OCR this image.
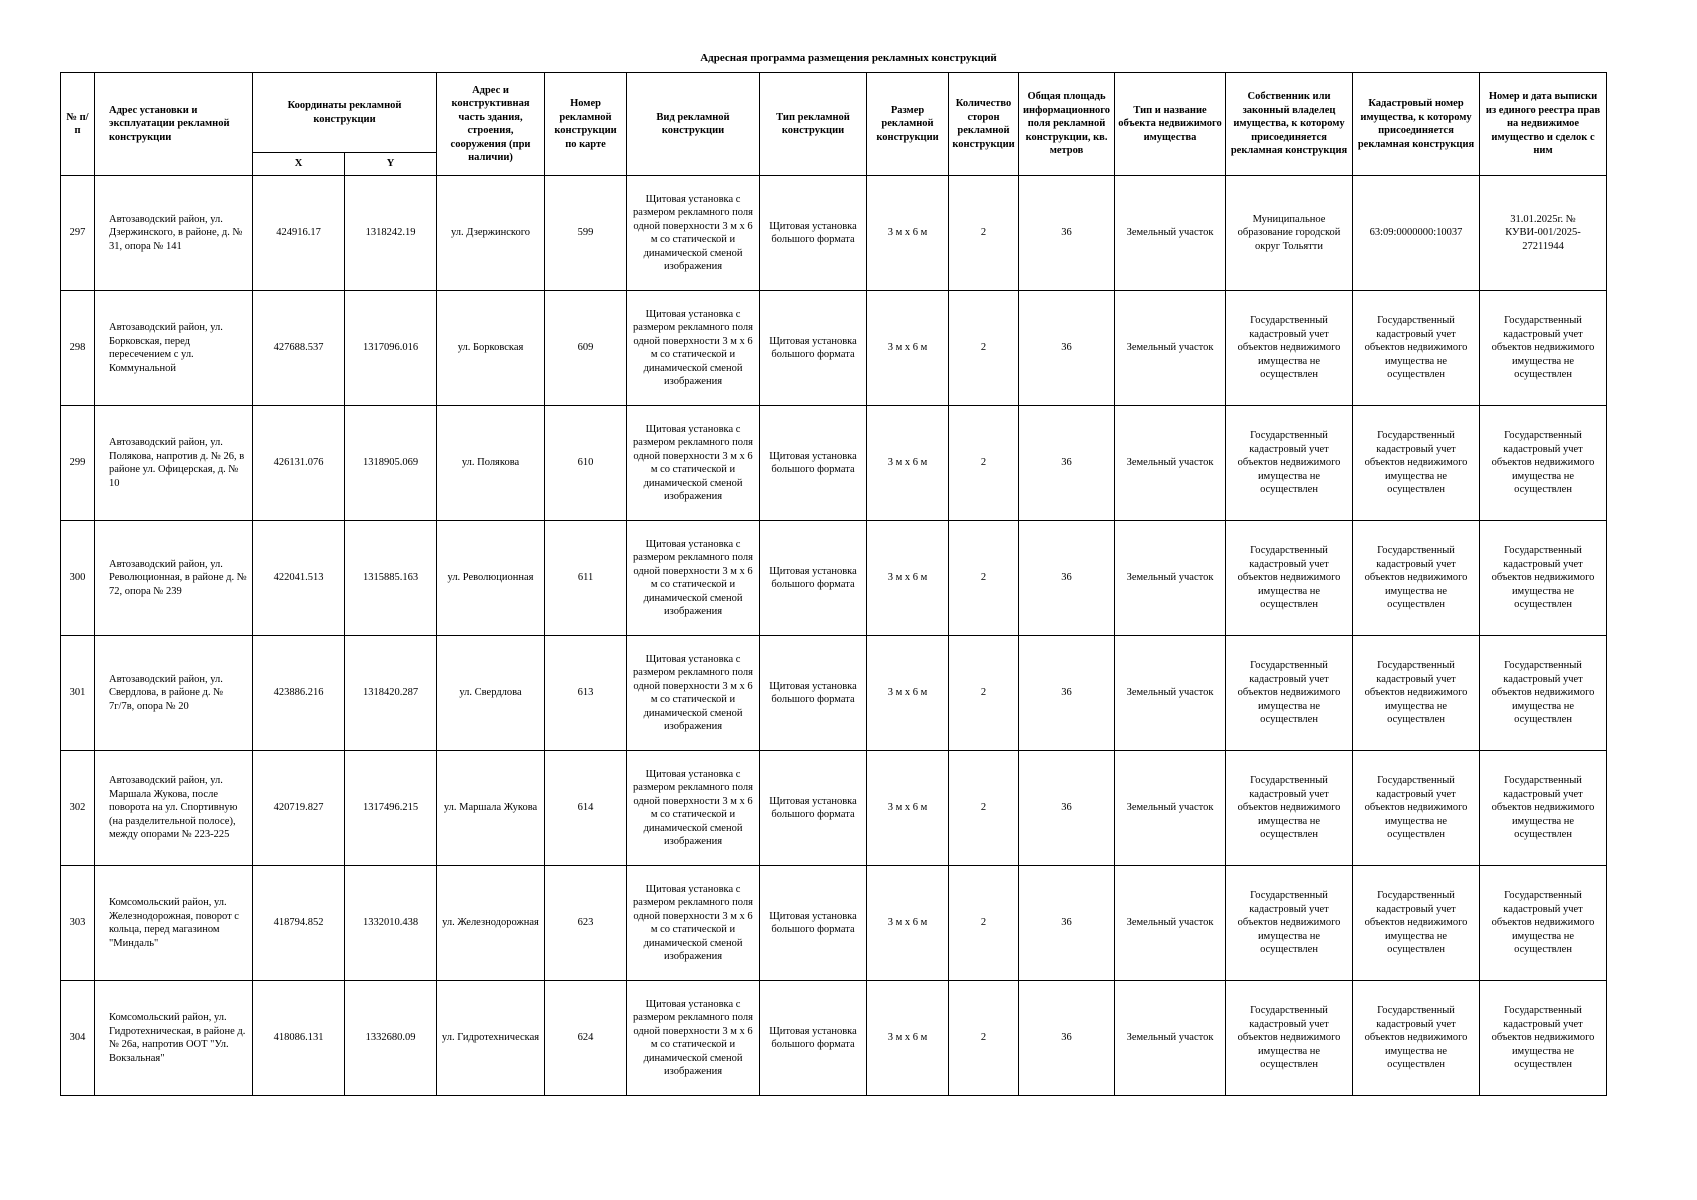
Адресная программа размещения рекламных конструкций
№ п/п	Адрес установки и эксплуатации рекламной конструкции	Координаты рекламной конструкции		Адрес и конструктивная часть здания, строения, сооружения (при наличии)	Номер рекламной конструкции по карте	Вид рекламной конструкции	Тип рекламной конструкции	Размер рекламной конструкции	Количество сторон рекламной конструкции	Общая площадь информационного поля рекламной конструкции, кв. метров	Тип и название объекта недвижимого имущества	Собственник или законный владелец имущества, к которому присоединяется рекламная конструкция	Кадастровый номер имущества, к которому присоединяется рекламная конструкция	Номер и дата выписки из единого реестра прав на недвижимое имущество и сделок с ним
		X	Y											
297	Автозаводский район, ул. Дзержинского, в районе, д. № 31, опора № 141	424916.17	1318242.19	ул. Дзержинского	599	Щитовая установка с размером рекламного поля одной поверхности 3 м х 6 м со статической и динамической сменой изображения	Щитовая установка большого формата	3 м х 6 м	2	36	Земельный участок	Муниципальное образование городской округ Тольятти	63:09:0000000:10037	31.01.2025г. № КУВИ-001/2025-27211944
298	Автозаводский район, ул. Борковская, перед пересечением с ул. Коммунальной	427688.537	1317096.016	ул. Борковская	609	Щитовая установка с размером рекламного поля одной поверхности 3 м х 6 м со статической и динамической сменой изображения	Щитовая установка большого формата	3 м х 6 м	2	36	Земельный участок	Государственный кадастровый учет объектов недвижимого имущества не осуществлен	Государственный кадастровый учет объектов недвижимого имущества не осуществлен	Государственный кадастровый учет объектов недвижимого имущества не осуществлен
299	Автозаводский район, ул. Полякова, напротив д. № 26, в районе ул. Офицерская, д. № 10	426131.076	1318905.069	ул. Полякова	610	Щитовая установка с размером рекламного поля одной поверхности 3 м х 6 м со статической и динамической сменой изображения	Щитовая установка большого формата	3 м х 6 м	2	36	Земельный участок	Государственный кадастровый учет объектов недвижимого имущества не осуществлен	Государственный кадастровый учет объектов недвижимого имущества не осуществлен	Государственный кадастровый учет объектов недвижимого имущества не осуществлен
300	Автозаводский район, ул. Революционная, в районе д. № 72, опора № 239	422041.513	1315885.163	ул. Революционная	611	Щитовая установка с размером рекламного поля одной поверхности 3 м х 6 м со статической и динамической сменой изображения	Щитовая установка большого формата	3 м х 6 м	2	36	Земельный участок	Государственный кадастровый учет объектов недвижимого имущества не осуществлен	Государственный кадастровый учет объектов недвижимого имущества не осуществлен	Государственный кадастровый учет объектов недвижимого имущества не осуществлен
301	Автозаводский район, ул. Свердлова, в районе д. № 7г/7в, опора № 20	423886.216	1318420.287	ул. Свердлова	613	Щитовая установка с размером рекламного поля одной поверхности 3 м х 6 м со статической и динамической сменой изображения	Щитовая установка большого формата	3 м х 6 м	2	36	Земельный участок	Государственный кадастровый учет объектов недвижимого имущества не осуществлен	Государственный кадастровый учет объектов недвижимого имущества не осуществлен	Государственный кадастровый учет объектов недвижимого имущества не осуществлен
302	Автозаводский район, ул. Маршала Жукова, после поворота на ул. Спортивную (на разделительной полосе), между опорами № 223-225	420719.827	1317496.215	ул. Маршала Жукова	614	Щитовая установка с размером рекламного поля одной поверхности 3 м х 6 м со статической и динамической сменой изображения	Щитовая установка большого формата	3 м х 6 м	2	36	Земельный участок	Государственный кадастровый учет объектов недвижимого имущества не осуществлен	Государственный кадастровый учет объектов недвижимого имущества не осуществлен	Государственный кадастровый учет объектов недвижимого имущества не осуществлен
303	Комсомольский район, ул. Железнодорожная, поворот с кольца, перед магазином "Миндаль"	418794.852	1332010.438	ул. Железнодорожная	623	Щитовая установка с размером рекламного поля одной поверхности 3 м х 6 м со статической и динамической сменой изображения	Щитовая установка большого формата	3 м х 6 м	2	36	Земельный участок	Государственный кадастровый учет объектов недвижимого имущества не осуществлен	Государственный кадастровый учет объектов недвижимого имущества не осуществлен	Государственный кадастровый учет объектов недвижимого имущества не осуществлен
304	Комсомольский район, ул. Гидротехническая, в районе д. № 26а, напротив ООТ "Ул. Вокзальная"	418086.131	1332680.09	ул. Гидротехническая	624	Щитовая установка с размером рекламного поля одной поверхности 3 м х 6 м со статической и динамической сменой изображения	Щитовая установка большого формата	3 м х 6 м	2	36	Земельный участок	Государственный кадастровый учет объектов недвижимого имущества не осуществлен	Государственный кадастровый учет объектов недвижимого имущества не осуществлен	Государственный кадастровый учет объектов недвижимого имущества не осуществлен
